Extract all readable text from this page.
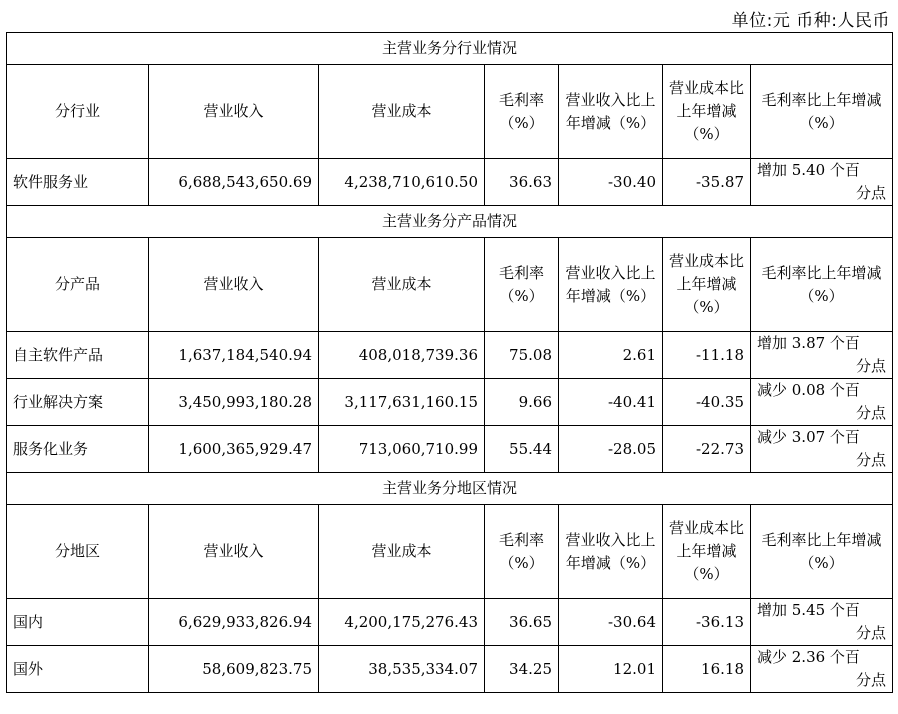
单位:元 币种:人民币
主营业务分行业情况						
分行业	营业收入	营业成本	毛利率（%）	营业收入比上年增减（%）	营业成本比上年增减（%）	毛利率比上年增减（%）

软件服务业	6,688,543,650.69	4,238,710,610.50	36.63	-30.40	-35.87	增加 5.40 个百
分点

主营业务分产品情况						
分产品	营业收入	营业成本	毛利率（%）	营业收入比上年增减（%）	营业成本比上年增减（%）	毛利率比上年增减（%）

自主软件产品	1,637,184,540.94	408,018,739.36	75.08	2.61	-11.18	增加 3.87 个百
分点

行业解决方案	3,450,993,180.28	3,117,631,160.15	9.66	-40.41	-40.35	减少 0.08 个百
分点

服务化业务	1,600,365,929.47	713,060,710.99	55.44	-28.05	-22.73	减少 3.07 个百
分点

主营业务分地区情况						
分地区	营业收入	营业成本	毛利率（%）	营业收入比上年增减（%）	营业成本比上年增减（%）	毛利率比上年增减（%）

国内	6,629,933,826.94	4,200,175,276.43	36.65	-30.64	-36.13	增加 5.45 个百
分点

国外	58,609,823.75	38,535,334.07	34.25	12.01	16.18	减少 2.36 个百
分点
